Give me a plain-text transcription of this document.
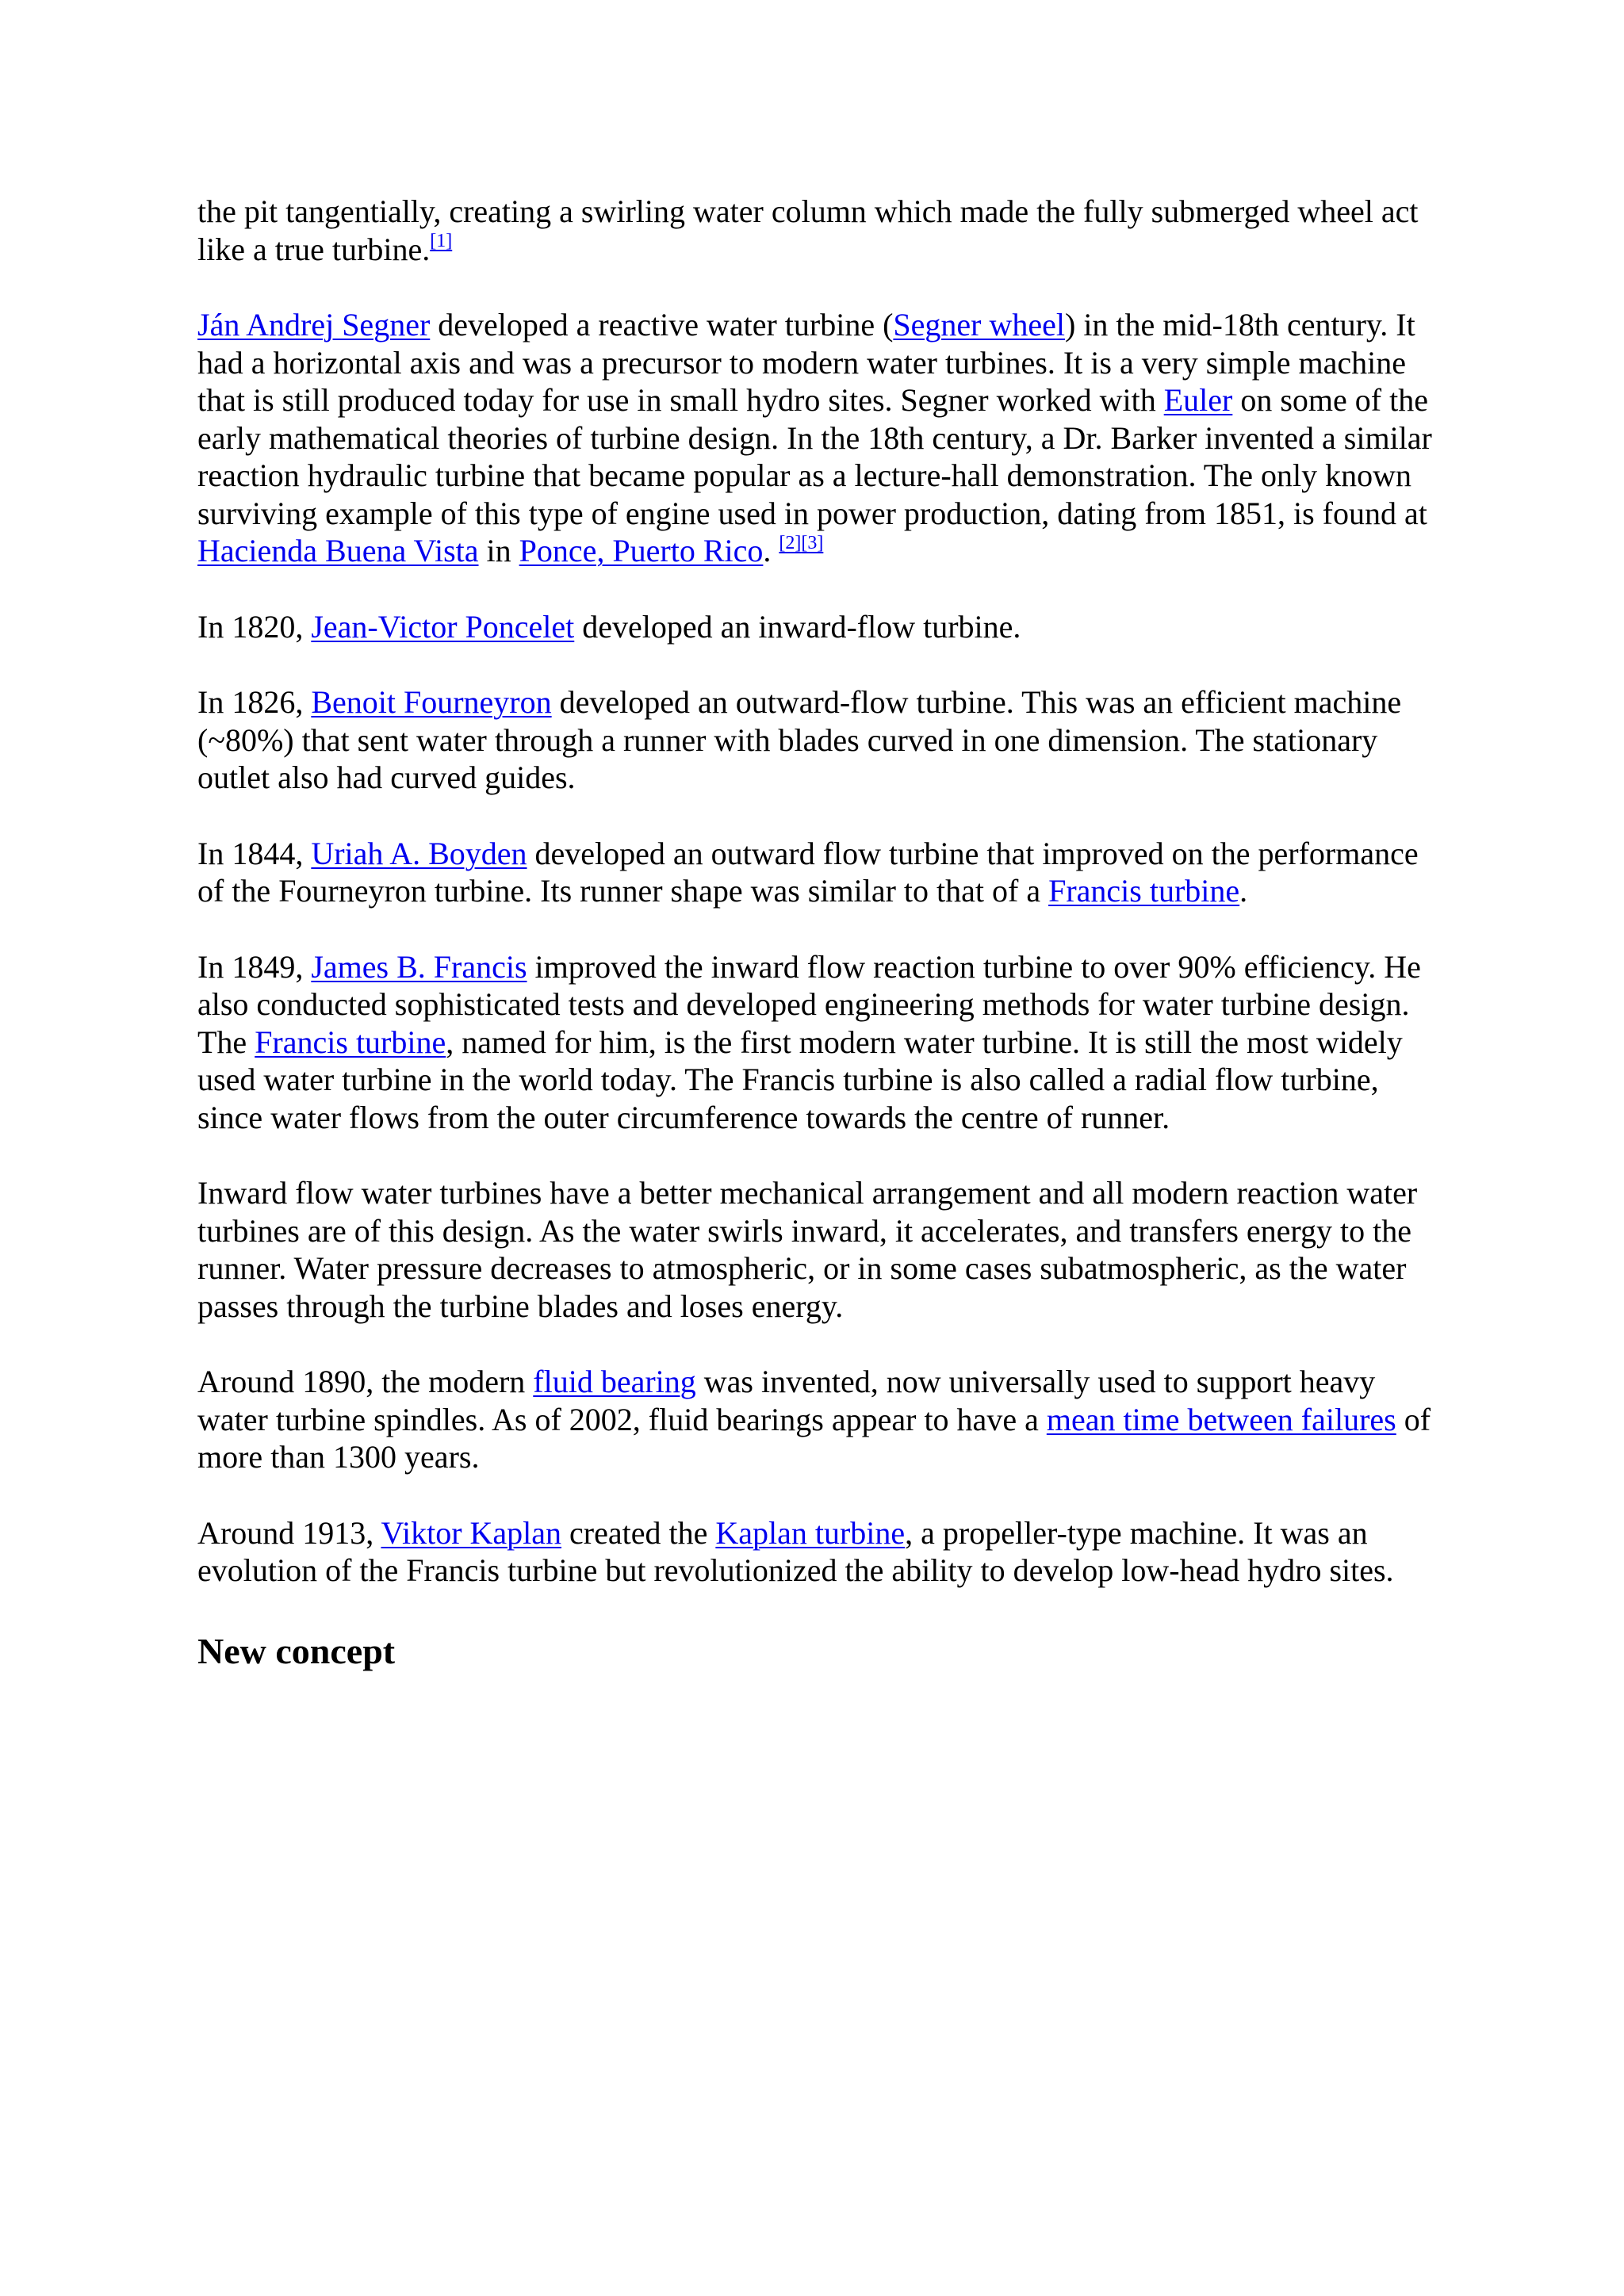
the pit tangentially, creating a swirling water column which made the fully submerged wheel act like a true turbine.[1]

Ján Andrej Segner developed a reactive water turbine (Segner wheel) in the mid-18th century. It had a horizontal axis and was a precursor to modern water turbines. It is a very simple machine that is still produced today for use in small hydro sites. Segner worked with Euler on some of the early mathematical theories of turbine design. In the 18th century, a Dr. Barker invented a similar reaction hydraulic turbine that became popular as a lecture-hall demonstration. The only known surviving example of this type of engine used in power production, dating from 1851, is found at Hacienda Buena Vista in Ponce, Puerto Rico. [2][3]

In 1820, Jean-Victor Poncelet developed an inward-flow turbine.

In 1826, Benoit Fourneyron developed an outward-flow turbine. This was an efficient machine (~80%) that sent water through a runner with blades curved in one dimension. The stationary outlet also had curved guides.

In 1844, Uriah A. Boyden developed an outward flow turbine that improved on the performance of the Fourneyron turbine. Its runner shape was similar to that of a Francis turbine.

In 1849, James B. Francis improved the inward flow reaction turbine to over 90% efficiency. He also conducted sophisticated tests and developed engineering methods for water turbine design. The Francis turbine, named for him, is the first modern water turbine. It is still the most widely used water turbine in the world today. The Francis turbine is also called a radial flow turbine, since water flows from the outer circumference towards the centre of runner.

Inward flow water turbines have a better mechanical arrangement and all modern reaction water turbines are of this design. As the water swirls inward, it accelerates, and transfers energy to the runner. Water pressure decreases to atmospheric, or in some cases subatmospheric, as the water passes through the turbine blades and loses energy.

Around 1890, the modern fluid bearing was invented, now universally used to support heavy water turbine spindles. As of 2002, fluid bearings appear to have a mean time between failures of more than 1300 years.

Around 1913, Viktor Kaplan created the Kaplan turbine, a propeller-type machine. It was an evolution of the Francis turbine but revolutionized the ability to develop low-head hydro sites.

New concept
